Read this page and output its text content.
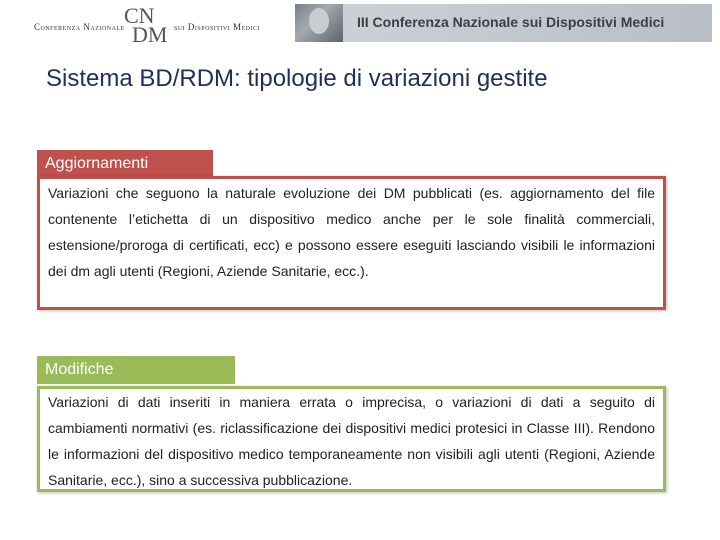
Conferenza Nazionale CN
DM sui Dispositivi Medici	III Conferenza Nazionale sui Dispositivi Medici
Sistema BD/RDM: tipologie di variazioni gestite
Aggiornamenti
Variazioni che seguono la naturale evoluzione dei DM pubblicati (es. aggiornamento del file contenente l’etichetta di un dispositivo medico anche per le sole finalità commerciali, estensione/proroga di certificati, ecc) e possono essere eseguiti lasciando visibili le informazioni dei dm agli utenti (Regioni, Aziende Sanitarie, ecc.).
Modifiche
Variazioni di dati inseriti in maniera errata o imprecisa, o variazioni di dati a seguito di cambiamenti normativi (es. riclassificazione dei dispositivi medici protesici in Classe III). Rendono le informazioni del dispositivo medico temporaneamente non visibili agli utenti (Regioni, Aziende Sanitarie, ecc.), sino a successiva pubblicazione.
